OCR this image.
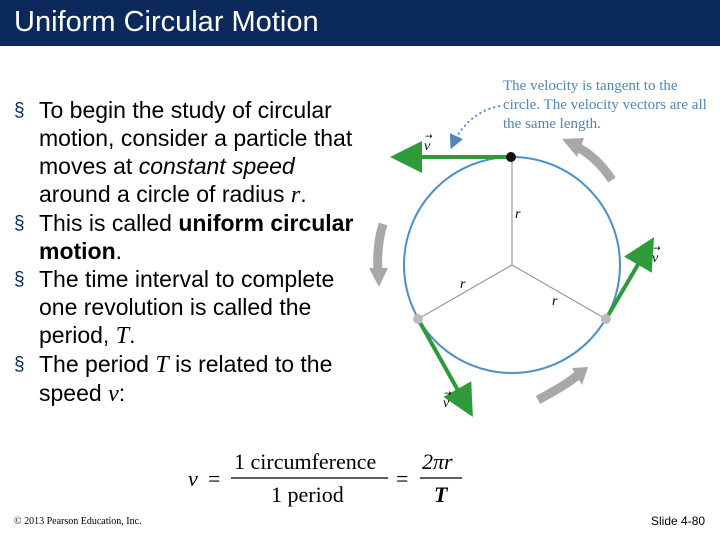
Uniform Circular Motion
§ To begin the study of circular motion, consider a particle that moves at constant speed around a circle of radius r.
§ This is called uniform circular motion.
§ The time interval to complete one revolution is called the period, T.
§ The period T is related to the speed v:
The velocity is tangent to the circle. The velocity vectors are all the same length.
r
r
r
v
→
v
→
v
→
v =
1 circumference
1 period
=
2πr
T
© 2013 Pearson Education, Inc.	Slide 4-80
